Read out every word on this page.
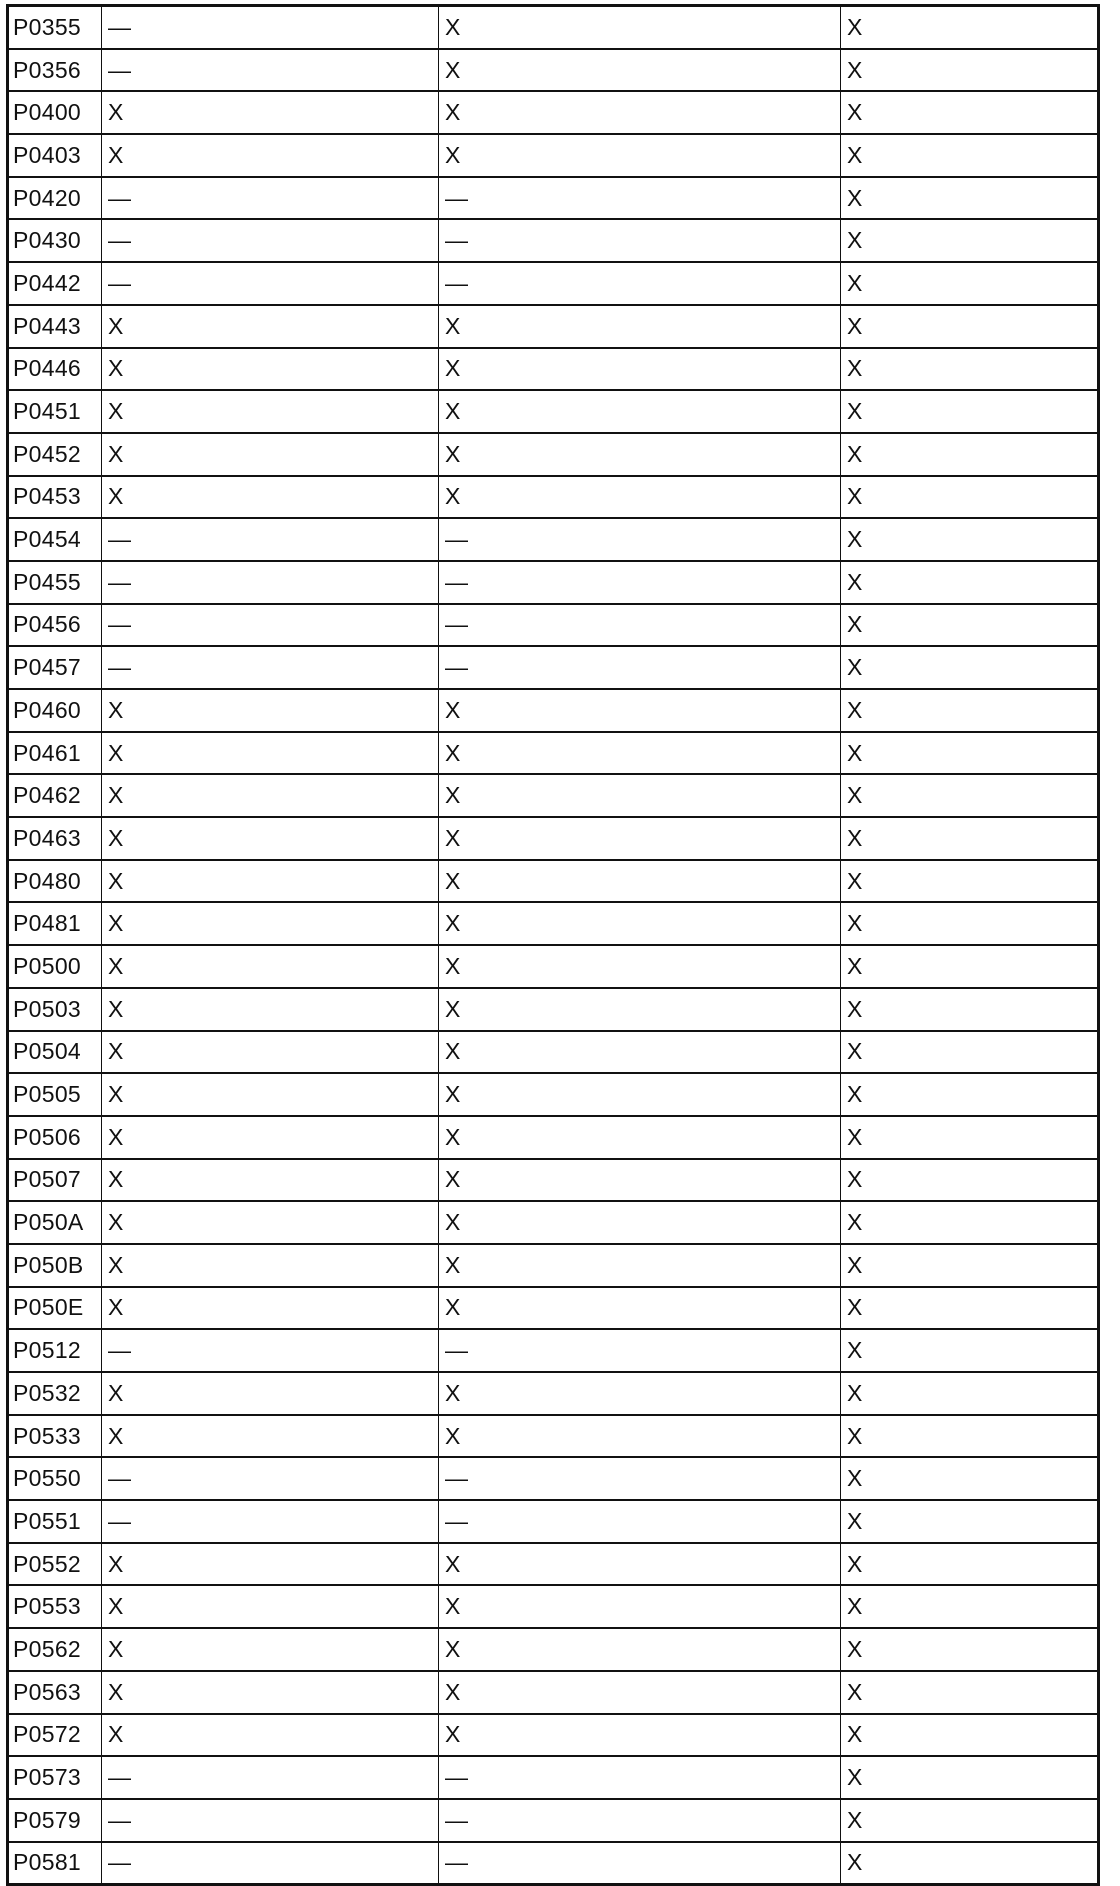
P0355	—	X	X
P0356	—	X	X
P0400	X	X	X
P0403	X	X	X
P0420	—	—	X
P0430	—	—	X
P0442	—	—	X
P0443	X	X	X
P0446	X	X	X
P0451	X	X	X
P0452	X	X	X
P0453	X	X	X
P0454	—	—	X
P0455	—	—	X
P0456	—	—	X
P0457	—	—	X
P0460	X	X	X
P0461	X	X	X
P0462	X	X	X
P0463	X	X	X
P0480	X	X	X
P0481	X	X	X
P0500	X	X	X
P0503	X	X	X
P0504	X	X	X
P0505	X	X	X
P0506	X	X	X
P0507	X	X	X
P050A	X	X	X
P050B	X	X	X
P050E	X	X	X
P0512	—	—	X
P0532	X	X	X
P0533	X	X	X
P0550	—	—	X
P0551	—	—	X
P0552	X	X	X
P0553	X	X	X
P0562	X	X	X
P0563	X	X	X
P0572	X	X	X
P0573	—	—	X
P0579	—	—	X
P0581	—	—	X
